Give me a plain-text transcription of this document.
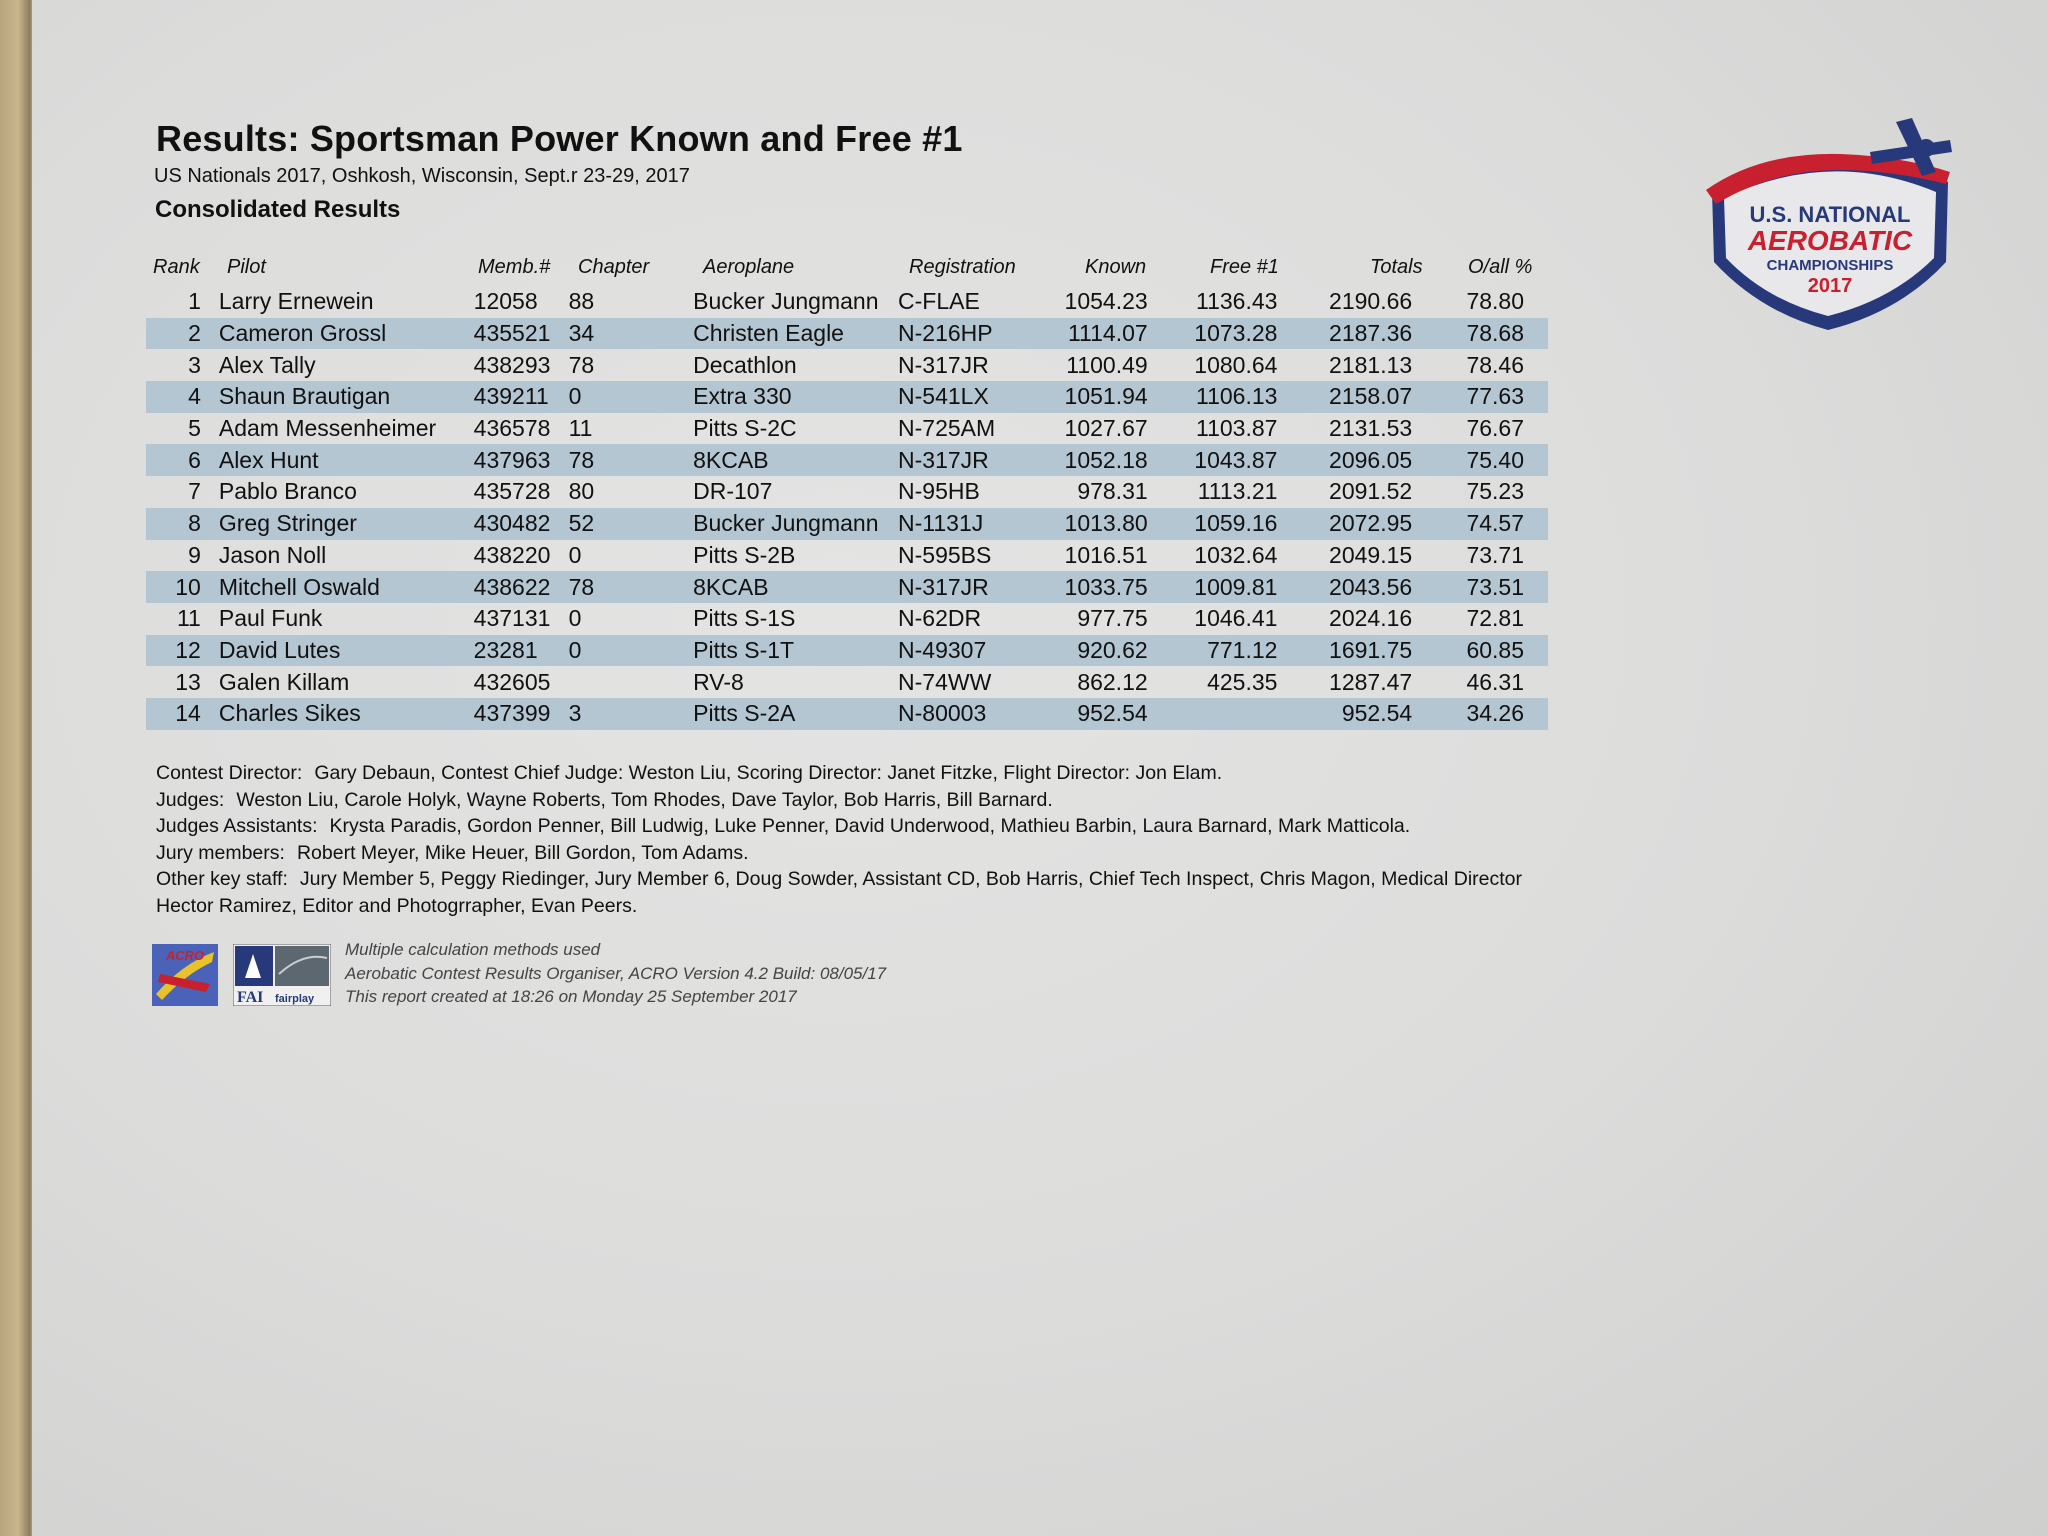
Results: Sportsman Power Known and Free #1
US Nationals 2017, Oshkosh, Wisconsin, Sept.r 23-29, 2017
Consolidated Results	U.S. NATIONAL
AEROBATIC
CHAMPIONSHIPS
2017
Rank Pilot	Memb.# Chapter	Aeroplane	Registration	Known	Free #1	Totals O/all %
1	Larry Ernewein	12058	88	Bucker Jungmann	C-FLAE	1054.23	1136.43	2190.66	78.80
2	Cameron Grossl	435521	34	Christen Eagle	N-216HP	1114.07	1073.28	2187.36	78.68
3	Alex Tally	438293	78	Decathlon	N-317JR	1100.49	1080.64	2181.13	78.46
4	Shaun Brautigan	439211	0	Extra 330	N-541LX	1051.94	1106.13	2158.07	77.63
5	Adam Messenheimer	436578	11	Pitts S-2C	N-725AM	1027.67	1103.87	2131.53	76.67
6	Alex Hunt	437963	78	8KCAB	N-317JR	1052.18	1043.87	2096.05	75.40
7	Pablo Branco	435728	80	DR-107	N-95HB	978.31	1113.21	2091.52	75.23
8	Greg Stringer	430482	52	Bucker Jungmann	N-1131J	1013.80	1059.16	2072.95	74.57
9	Jason Noll	438220	0	Pitts S-2B	N-595BS	1016.51	1032.64	2049.15	73.71
10	Mitchell Oswald	438622	78	8KCAB	N-317JR	1033.75	1009.81	2043.56	73.51
11	Paul Funk	437131	0	Pitts S-1S	N-62DR	977.75	1046.41	2024.16	72.81
12	David Lutes	23281	0	Pitts S-1T	N-49307	920.62	771.12	1691.75	60.85
13	Galen Killam	432605		RV-8	N-74WW	862.12	425.35	1287.47	46.31
14	Charles Sikes	437399	3	Pitts S-2A	N-80003	952.54		952.54	34.26
Contest Director: Gary Debaun, Contest Chief Judge: Weston Liu, Scoring Director: Janet Fitzke, Flight Director: Jon Elam.
Judges: Weston Liu, Carole Holyk, Wayne Roberts, Tom Rhodes, Dave Taylor, Bob Harris, Bill Barnard.
Judges Assistants: Krysta Paradis, Gordon Penner, Bill Ludwig, Luke Penner, David Underwood, Mathieu Barbin, Laura Barnard, Mark Matticola.
Jury members: Robert Meyer, Mike Heuer, Bill Gordon, Tom Adams.
Other key staff: Jury Member 5, Peggy Riedinger, Jury Member 6, Doug Sowder, Assistant CD, Bob Harris, Chief Tech Inspect, Chris Magon, Medical Director
Hector Ramirez, Editor and Photogrrapher, Evan Peers.
ACRO
FAI fairplay
Multiple calculation methods used
Aerobatic Contest Results Organiser, ACRO Version 4.2 Build: 08/05/17
This report created at 18:26 on Monday 25 September 2017
